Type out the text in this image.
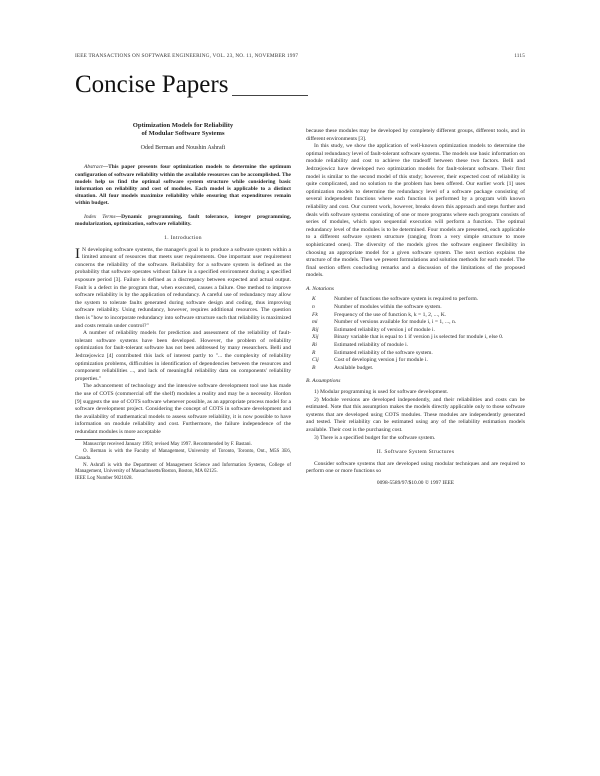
IEEE TRANSACTIONS ON SOFTWARE ENGINEERING, VOL. 23, NO. 11, NOVEMBER 1997	1115
Concise Papers
Optimization Models for Reliability
of Modular Software Systems
Oded Berman and Noushin Ashrafi

Abstract—This paper presents four optimization models to determine the optimum configuration of software reliability within the available resources can be accomplished. The models help us find the optimal software system structure while considering basic information on reliability and cost of modules. Each model is applicable to a distinct situation. All four models maximize reliability while ensuring that expenditures remain within budget.

Index Terms—Dynamic programming, fault tolerance, integer programming, modularization, optimization, software reliability.

1. Introduction

I N developing software systems, the manager's goal is to produce a software system within a limited amount of resources that meets user requirements. One important user requirement concerns the reliability of the software. Reliability for a software system is defined as the probability that software operates without failure in a specified environment during a specified exposure period [3]. Failure is defined as a discrepancy between expected and actual output. Fault is a defect in the program that, when executed, causes a failure. One method to improve software reliability is by the application of redundancy. A careful use of redundancy may allow the system to tolerate faults generated during software design and coding, thus improving software reliability. Using redundancy, however, requires additional resources. The question then is "how to incorporate redundancy into software structure such that reliability is maximized and costs remain under control?"

A number of reliability models for prediction and assessment of the reliability of fault-tolerant software systems have been developed. However, the problem of reliability optimization for fault-tolerant software has not been addressed by many researchers. Belli and Jedrzejowicz [4] contributed this lack of interest partly to "... the complexity of reliability optimization problems, difficulties in identification of dependencies between the resources and component reliabilities ..., and lack of meaningful reliability data on components' reliability properties."

The advancement of technology and the intensive software development tool use has made the use of COTS (commercial off the shelf) modules a reality and may be a necessity. Hordon [9] suggests the use of COTS software whenever possible, as an appropriate process model for a software development project. Considering the concept of COTS in software development and the availability of mathematical models to assess software reliability, it is now possible to have information on module reliability and cost. Furthermore, the failure independence of the redundant modules is more acceptable

Manuscript received January 1993; revised May 1997. Recommended by F. Bastani.

O. Berman is with the Faculty of Management, University of Toronto, Toronto, Ont., M5S 3E6, Canada.

N. Ashrafi is with the Department of Management Science and Information Systems, College of Management, University of Massachusetts/Boston, Boston, MA 02125.

IEEE Log Number 9021028.

because these modules may be developed by completely different groups, different tools, and in different environments [3].

In this study, we show the application of well-known optimization models to determine the optimal redundancy level of fault-tolerant software systems. The models use basic information on module reliability and cost to achieve the tradeoff between these two factors. Belli and Jedrzejowicz have developed two optimization models for fault-tolerant software. Their first model is similar to the second model of this study; however, their expected cost of reliability is quite complicated, and no solution to the problem has been offered. Our earlier work [1] uses optimization models to determine the redundancy level of a software package consisting of several independent functions where each function is performed by a program with known reliability and cost. Our current work, however, breaks down this approach and steps further and deals with software systems consisting of one or more programs where each program consists of series of modules, which upon sequential execution will perform a function. The optimal redundancy level of the modules is to be determined. Four models are presented, each applicable to a different software system structure (ranging from a very simple structure to more sophisticated ones). The diversity of the models gives the software engineer flexibility in choosing an appropriate model for a given software system. The next section explains the structure of the models. Then we present formulations and solution methods for each model. The final section offers concluding remarks and a discussion of the limitations of the proposed models.

A. Notations
K	Number of functions the software system is required to perform.
n	Number of modules within the software system.
Fk	Frequency of the use of function k, k = 1, 2, ..., K.
mi	Number of versions available for module i, i = 1, ..., n.
Rij	Estimated reliability of version j of module i.
Xij	Binary variable that is equal to 1 if version j is selected for module i, else 0.
Ri	Estimated reliability of module i.
R	Estimated reliability of the software system.
Cij	Cost of developing version j for module i.
B	Available budget.
B. Assumptions

1) Modular programming is used for software development.

2) Module versions are developed independently, and their reliabilities and costs can be estimated. Note that this assumption makes the models directly applicable only to those software systems that are developed using COTS modules. These modules are independently generated and tested. Their reliability can be estimated using any of the reliability estimation models available. Their cost is the purchasing cost.

3) There is a specified budget for the software system.

II. Software System Structures

Consider software systems that are developed using modular techniques and are required to perform one or more functions so

0098-5589/97/$10.00 © 1997 IEEE
